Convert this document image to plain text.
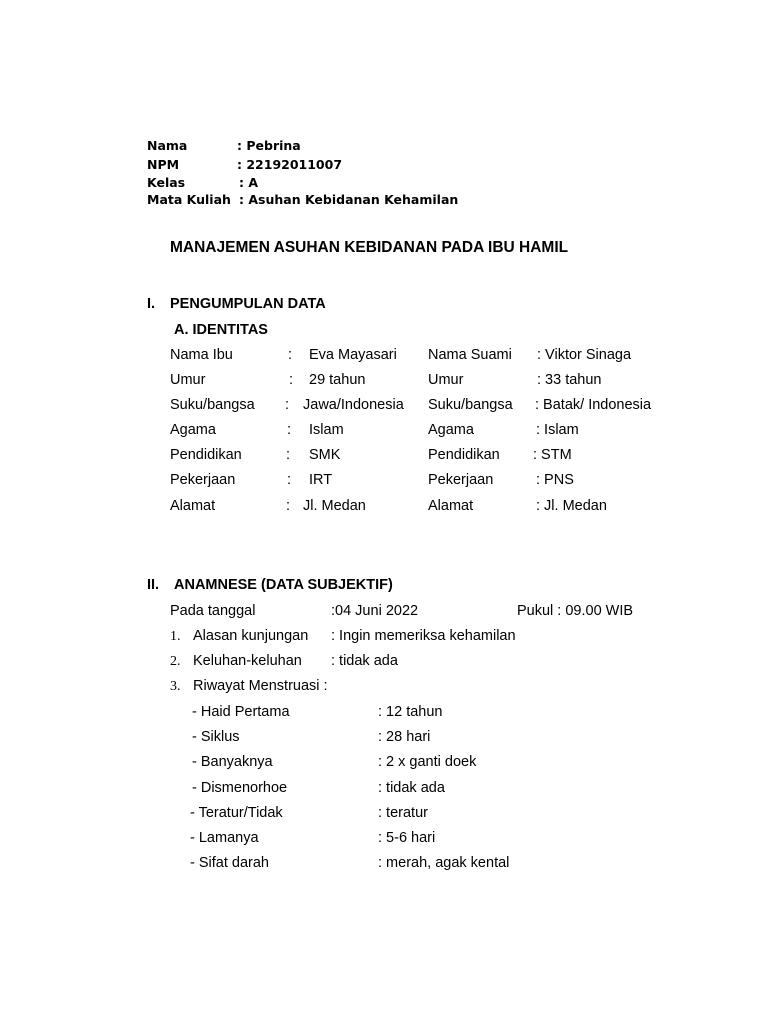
Nama	: Pebrina
NPM	: 22192011007
Kelas	: A
Mata Kuliah : Asuhan Kebidanan Kehamilan
MANAJEMEN ASUHAN KEBIDANAN PADA IBU HAMIL
I. PENGUMPULAN DATA
A. IDENTITAS
Nama Ibu	: Eva Mayasari Nama Suami : Viktor Sinaga
Umur	: 29 tahun	Umur	: 33 tahun
Suku/bangsa : Jawa/Indonesia Suku/bangsa : Batak/ Indonesia
Agama	: Islam	Agama	: Islam
Pendidikan	: SMK	Pendidikan : STM
Pekerjaan	: IRT	Pekerjaan	: PNS
Alamat	: Jl. Medan	Alamat	: Jl. Medan
II. ANAMNESE (DATA SUBJEKTIF)
Pada tanggal	:04 Juni 2022	Pukul : 09.00 WIB
1. Alasan kunjungan : Ingin memeriksa kehamilan
2. Keluhan-keluhan : tidak ada
3. Riwayat Menstruasi :
- Haid Pertama	: 12 tahun
- Siklus	: 28 hari
- Banyaknya	: 2 x ganti doek
- Dismenorhoe	: tidak ada
- Teratur/Tidak	: teratur
- Lamanya	: 5-6 hari
- Sifat darah	: merah, agak kental
